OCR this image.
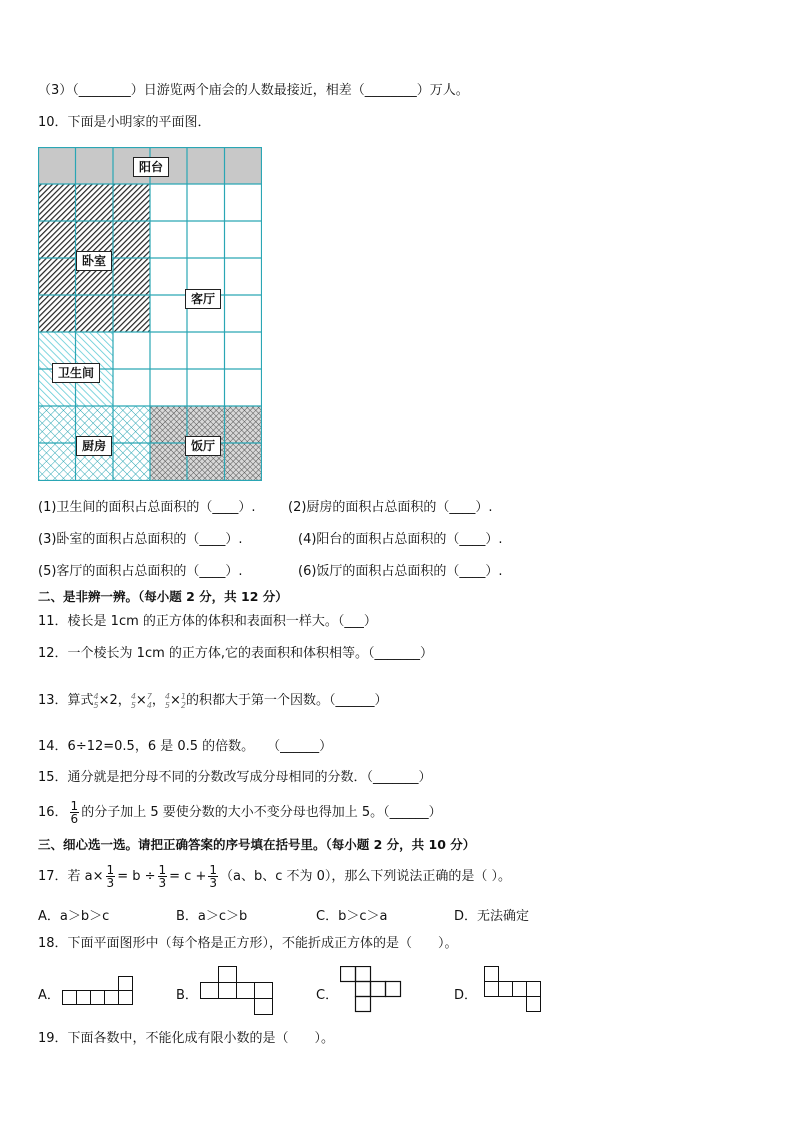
（3）（________）日游览两个庙会的人数最接近，相差（________）万人。
10．下面是小明家的平面图．
阳台
卧室
客厅
卫生间
厨房	饭厅
(1)卫生间的面积占总面积的（____）. (2)厨房的面积占总面积的（____）.
(3)卧室的面积占总面积的（____）.	(4)阳台的面积占总面积的（____）.
(5)客厅的面积占总面积的（____）.	(6)饭厅的面积占总面积的（____）.
二、是非辨一辨。（每小题 2 分，共 12 分）
11．棱长是 1cm 的正方体的体积和表面积一样大。（___）
12．一个棱长为 1cm 的正方体,它的表面积和体积相等。（_______）
13．算式 4
5 ×2， 4
5 × 7
4 ， 4
5 × 1
2 的积都大于第一个因数。（______）
14．6÷12=0.5，6 是 0.5 的倍数。　　（______）
15．通分就是把分母不同的分数改写成分母相同的分数．（_______）
16． $\frac{1}{6}$ 的分子加上 5 要使分数的大小不变分母也得加上 5。（______）
三、细心选一选。请把正确答案的序号填在括号里。（每小题 2 分，共 10 分）
17．若 $a\times \frac{1}{3} = b \div \frac{1}{3} = c + \frac{1}{3} (a$、b、c 不为 0），那么下列说法正确的是（ ）。
A．a＞b＞c	B．a＞c＞b	C．b＞c＞a	D．无法确定
18．下面平面图形中（每个格是正方形），不能折成正方体的是（　　）。
A．	B．	C．	D．
19．下面各数中，不能化成有限小数的是（　　）。
